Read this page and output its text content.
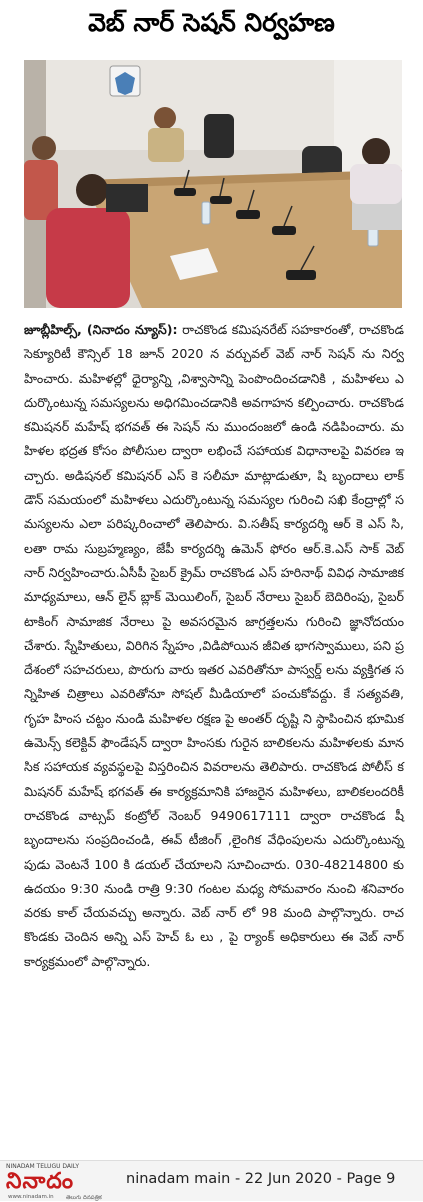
వెబ్ నార్ సెషన్ నిర్వహణ
జూబ్లీహిల్స్, (నినాదం న్యూస్): రాచకొండ కమిషనరేట్ సహకారంతో, రాచకొండ సెక్యూరిటీ కౌన్సిల్ 18 జూన్ 2020 న వర్చువల్ వెబ్ నార్ సెషన్ ను నిర్వహించారు. మహిళల్లో ధైర్యాన్ని ,విశ్వాసాన్ని పెంపొందించడానికి , మహిళలు ఎదుర్కొంటున్న సమస్యలను అధిగమించడానికి అవగాహన కల్పించారు. రాచకొండ కమిషనర్ మహేష్ భగవత్ ఈ సెషన్ ను ముందంజలో ఉండి నడిపించారు. మహిళల భద్రత కోసం పోలీసుల ద్వారా లభించే సహాయక విధానాలపై వివరణ ఇచ్చారు. అడిషనల్ కమిషనర్ ఎస్ కె సలీమా మాట్లాడుతూ, షి బృందాలు లాక్ డౌన్ సమయంలో మహిళలు ఎదుర్కొంటున్న సమస్యల గురించి సఖి కేంద్రాల్లో సమస్యలను ఎలా పరిష్కరించాలో తెలిపారు. వి.సతీష్ కార్యదర్శి ఆర్ కె ఎస్ సి, లతా రామ సుబ్రహ్మణ్యం, జేపీ కార్యదర్శి ఉమెన్ ఫోరం ఆర్.కె.ఎస్ సాక్ వెబ్ నార్ నిర్వహించారు.ఏసీపీ సైబర్ క్రైమ్ రాచకొండ ఎస్ హరినాథ్ వివిధ సామాజిక మాధ్యమాలు, ఆన్ లైన్ బ్లాక్ మెయిలింగ్, సైబర్ నేరాలు సైబర్ బెదిరింపు, సైబర్ టాకింగ్ సామాజిక నేరాలు పై అవసరమైన జాగ్రత్తలను గురించి జ్ఞానోదయం చేశారు. స్నేహితులు, విరిగిన స్నేహం ,విడిపోయిన జీవిత భాగస్వాములు, పని ప్రదేశంలో సహచరులు, పొరుగు వారు ఇతర ఎవరితోనూ పాస్వర్డ్ లను వ్యక్తిగత సన్నిహిత చిత్రాలు ఎవరితోనూ సోషల్ మీడియాలో పంచుకోవద్దు. కే సత్యవతి, గృహ హింస చట్టం నుండి మహిళల రక్షణ పై అంతర్ దృష్టి ని స్థాపించిన భూమిక ఉమెన్స్ కలెక్టివ్ ఫౌండేషన్ ద్వారా హింసకు గురైన బాలికలను మహిళలకు మానసిక సహాయక వ్యవస్థలపై విస్తరించిన వివరాలను తెలిపారు. రాచకొండ పోలీస్ కమిషనర్ మహేష్ భగవత్ ఈ కార్యక్రమానికి హాజరైన మహిళలు, బాలికలందరికీ రాచకొండ వాట్సప్ కంట్రోల్ నెంబర్ 9490617111 ద్వారా రాచకొండ షీ బృందాలను సంప్రదించండి, ఈవ్ టీజింగ్ ,లైంగిక వేధింపులను ఎదుర్కొంటున్న పుడు వెంటనే 100 కి డయల్ చేయాలని సూచించారు. 030-48214800 కు ఉదయం 9:30 నుండి రాత్రి 9:30 గంటల మధ్య సోమవారం నుంచి శనివారం వరకు కాల్ చేయవచ్చు అన్నారు. వెబ్ నార్ లో 98 మంది పాల్గొన్నారు. రాచకొండకు చెందిన అన్ని ఎస్ హెచ్ ఓ లు , పై ర్యాంక్ అధికారులు ఈ వెబ్ నార్ కార్యక్రమంలో పాల్గొన్నారు.
NINADAM TELUGU DAILY
నినాదం
www.ninadam.in తెలుగు దినపత్రిక
ninadam main - 22 Jun 2020 - Page 9
